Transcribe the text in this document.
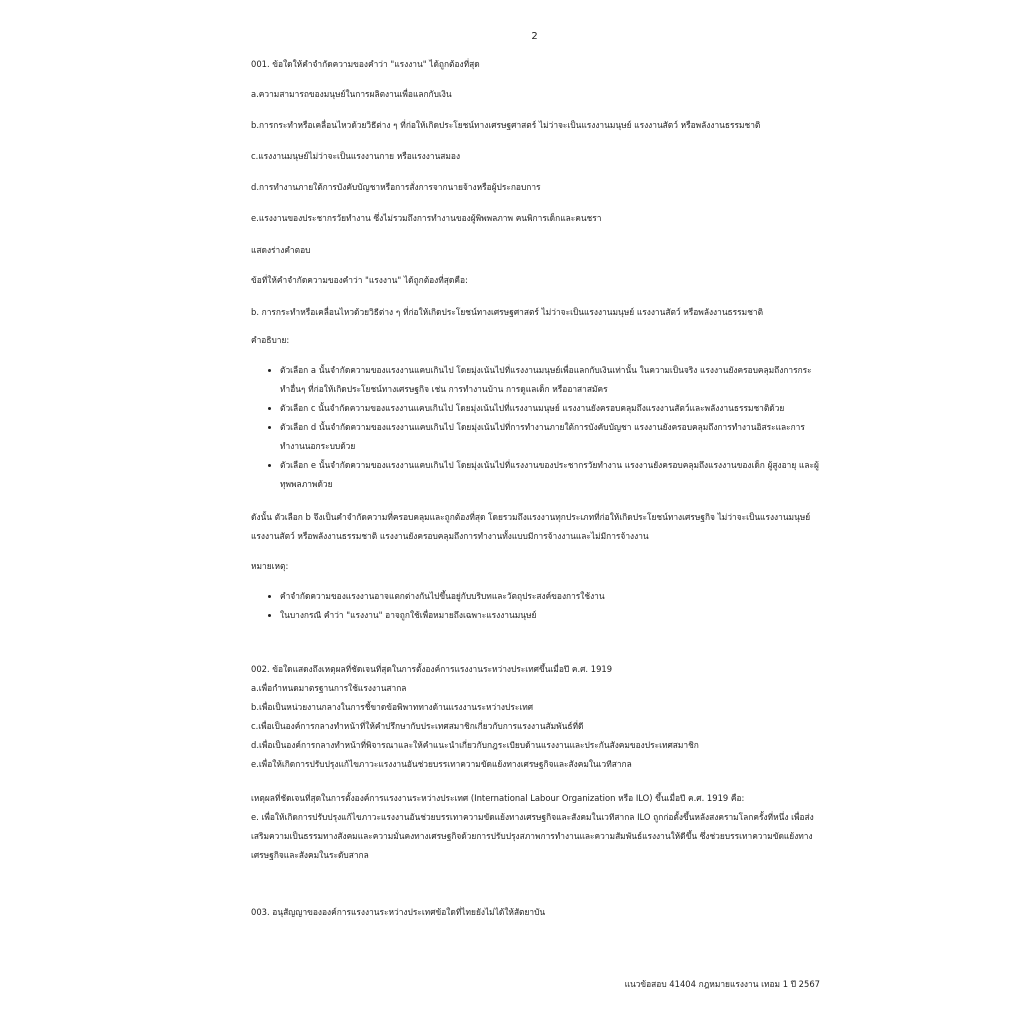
2

001. ข้อใดให้คำจำกัดความของคำว่า "แรงงาน" ได้ถูกต้องที่สุด

a.ความสามารถของมนุษย์ในการผลิตงานเพื่อแลกกับเงิน

b.การกระทำหรือเคลื่อนไหวด้วยวิธีต่าง ๆ ที่ก่อให้เกิดประโยชน์ทางเศรษฐศาสตร์ ไม่ว่าจะเป็นแรงงานมนุษย์ แรงงานสัตว์ หรือพลังงานธรรมชาติ

c.แรงงานมนุษย์ไม่ว่าจะเป็นแรงงานกาย หรือแรงงานสมอง

d.การทำงานภายใต้การบังคับบัญชาหรือการสั่งการจากนายจ้างหรือผู้ประกอบการ

e.แรงงานของประชากรวัยทำงาน ซึ่งไม่รวมถึงการทำงานของผู้พิพพลภาพ คนพิการเด็กและคนชรา

แสดงร่างคำตอบ

ข้อที่ให้คำจำกัดความของคำว่า "แรงงาน" ได้ถูกต้องที่สุดคือ:

b. การกระทำหรือเคลื่อนไหวด้วยวิธีต่าง ๆ ที่ก่อให้เกิดประโยชน์ทางเศรษฐศาสตร์ ไม่ว่าจะเป็นแรงงานมนุษย์ แรงงานสัตว์ หรือพลังงานธรรมชาติ

คำอธิบาย:

• ตัวเลือก a นั้นจำกัดความของแรงงานแคบเกินไป โดยมุ่งเน้นไปที่แรงงานมนุษย์เพื่อแลกกับเงินเท่านั้น ในความเป็นจริง แรงงานยังครอบคลุมถึงการกระทำอื่นๆ ที่ก่อให้เกิดประโยชน์ทางเศรษฐกิจ เช่น การทำงานบ้าน การดูแลเด็ก หรืออาสาสมัคร
• ตัวเลือก c นั้นจำกัดความของแรงงานแคบเกินไป โดยมุ่งเน้นไปที่แรงงานมนุษย์ แรงงานยังครอบคลุมถึงแรงงานสัตว์และพลังงานธรรมชาติด้วย
• ตัวเลือก d นั้นจำกัดความของแรงงานแคบเกินไป โดยมุ่งเน้นไปที่การทำงานภายใต้การบังคับบัญชา แรงงานยังครอบคลุมถึงการทำงานอิสระและการทำงานนอกระบบด้วย
• ตัวเลือก e นั้นจำกัดความของแรงงานแคบเกินไป โดยมุ่งเน้นไปที่แรงงานของประชากรวัยทำงาน แรงงานยังครอบคลุมถึงแรงงานของเด็ก ผู้สูงอายุ และผู้ทุพพลภาพด้วย

ดังนั้น ตัวเลือก b จึงเป็นคำจำกัดความที่ครอบคลุมและถูกต้องที่สุด โดยรวมถึงแรงงานทุกประเภทที่ก่อให้เกิดประโยชน์ทางเศรษฐกิจ ไม่ว่าจะเป็นแรงงานมนุษย์ แรงงานสัตว์ หรือพลังงานธรรมชาติ แรงงานยังครอบคลุมถึงการทำงานทั้งแบบมีการจ้างงานและไม่มีการจ้างงาน

หมายเหตุ:

• คำจำกัดความของแรงงานอาจแตกต่างกันไปขึ้นอยู่กับบริบทและวัตถุประสงค์ของการใช้งาน
• ในบางกรณี คำว่า "แรงงาน" อาจถูกใช้เพื่อหมายถึงเฉพาะแรงงานมนุษย์

002. ข้อใดแสดงถึงเหตุผลที่ชัดเจนที่สุดในการตั้งองค์การแรงงานระหว่างประเทศขึ้นเมื่อปี ค.ศ. 1919

a.เพื่อกำหนดมาตรฐานการใช้แรงงานสากล

b.เพื่อเป็นหน่วยงานกลางในการชี้ขาดข้อพิพาททางด้านแรงงานระหว่างประเทศ

c.เพื่อเป็นองค์การกลางทำหน้าที่ให้คำปรึกษากับประเทศสมาชิกเกี่ยวกับการแรงงานสัมพันธ์ที่ดี

d.เพื่อเป็นองค์การกลางทำหน้าที่พิจารณาและให้คำแนะนำเกี่ยวกับกฎระเบียบด้านแรงงานและประกันสังคมของประเทศสมาชิก

e.เพื่อให้เกิดการปรับปรุงแก้ไขภาวะแรงงานอันช่วยบรรเทาความขัดแย้งทางเศรษฐกิจและสังคมในเวทีสากล

เหตุผลที่ชัดเจนที่สุดในการตั้งองค์การแรงงานระหว่างประเทศ (International Labour Organization หรือ ILO) ขึ้นเมื่อปี ค.ศ. 1919 คือ:

e. เพื่อให้เกิดการปรับปรุงแก้ไขภาวะแรงงานอันช่วยบรรเทาความขัดแย้งทางเศรษฐกิจและสังคมในเวทีสากล ILO ถูกก่อตั้งขึ้นหลังสงครามโลกครั้งที่หนึ่ง เพื่อส่งเสริมความเป็นธรรมทางสังคมและความมั่นคงทางเศรษฐกิจด้วยการปรับปรุงสภาพการทำงานและความสัมพันธ์แรงงานให้ดีขึ้น ซึ่งช่วยบรรเทาความขัดแย้งทางเศรษฐกิจและสังคมในระดับสากล

003. อนุสัญญาขององค์การแรงงานระหว่างประเทศข้อใดที่ไทยยังไม่ได้ให้สัตยาบัน

แนวข้อสอบ 41404 กฎหมายแรงงาน เทอม 1 ปี 2567
